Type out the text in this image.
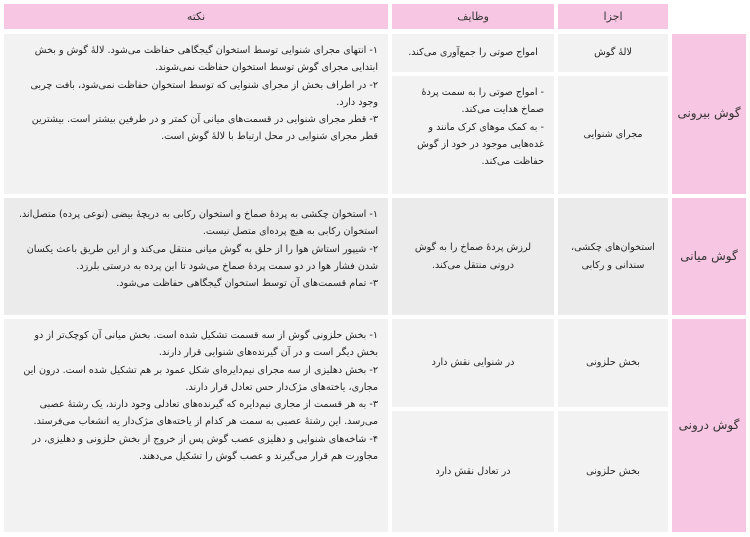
نکته	وظایف	اجزا
گوش بیرونی
لالهٔ گوش

امواج صوتی را جمع‌آوری می‌کند.

مجرای شنوایی

- امواج صوتی را به سمت پردهٔ صماخ هدایت می‌کند.

- به کمک موهای کرک مانند و غده‌هایی موجود در خود از گوش حفاظت می‌کند.

۱- انتهای مجرای شنوایی توسط استخوان گیجگاهی حفاظت می‌شود. لالهٔ گوش و بخش ابتدایی مجرای گوش توسط استخوان حفاظت نمی‌شوند.

۲- در اطراف بخش از مجرای شنوایی که توسط استخوان حفاظت نمی‌شود، بافت چربی وجود دارد.

۳- قطر مجرای شنوایی در قسمت‌های میانی آن کمتر و در طرفین بیشتر است. بیشترین قطر مجرای شنوایی در محل ارتباط با لالهٔ گوش است.

گوش میانی
استخوان‌های چکشی، سندانی و رکابی

لرزش پردهٔ صماخ را به گوش درونی منتقل می‌کند.

۱- استخوان چکشی به پردهٔ صماخ و استخوان رکابی به دریچهٔ بیضی (نوعی پرده) متصل‌اند. استخوان رکابی به هیچ پرده‌ای متصل نیست.

۲- شیپور استاش هوا را از حلق به گوش میانی منتقل می‌کند و از این طریق باعث یکسان شدن فشار هوا در دو سمت پردهٔ صماخ می‌شود تا این پرده به درستی بلرزد.

۳- تمام قسمت‌های آن توسط استخوان گیجگاهی حفاظت می‌شود.

گوش درونی
بخش حلزونی

در شنوایی نقش دارد

بخش حلزونی

در تعادل نقش دارد

۱- بخش حلزونی گوش از سه قسمت تشکیل شده است. بخش میانی آن کوچک‌تر از دو بخش دیگر است و در آن گیرنده‌های شنوایی قرار دارند.

۲- بخش دهلیزی از سه مجرای نیم‌دایره‌ای شکل عمود بر هم تشکیل شده است. درون این مجاری، یاخته‌های مژک‌دار حس تعادل قرار دارند.

۳- به هر قسمت از مجاری نیم‌دایره که گیرنده‌های تعادلی وجود دارند، یک رشتهٔ عصبی می‌رسد. این رشتهٔ عصبی به سمت هر کدام از یاخته‌های مژک‌دار یه انشعاب می‌فرستد.

۴- شاخه‌های شنوایی و دهلیزی عصب گوش پس از خروج از بخش حلزونی و دهلیزی، در مجاورت هم قرار می‌گیرند و عصب گوش را تشکیل می‌دهند.
